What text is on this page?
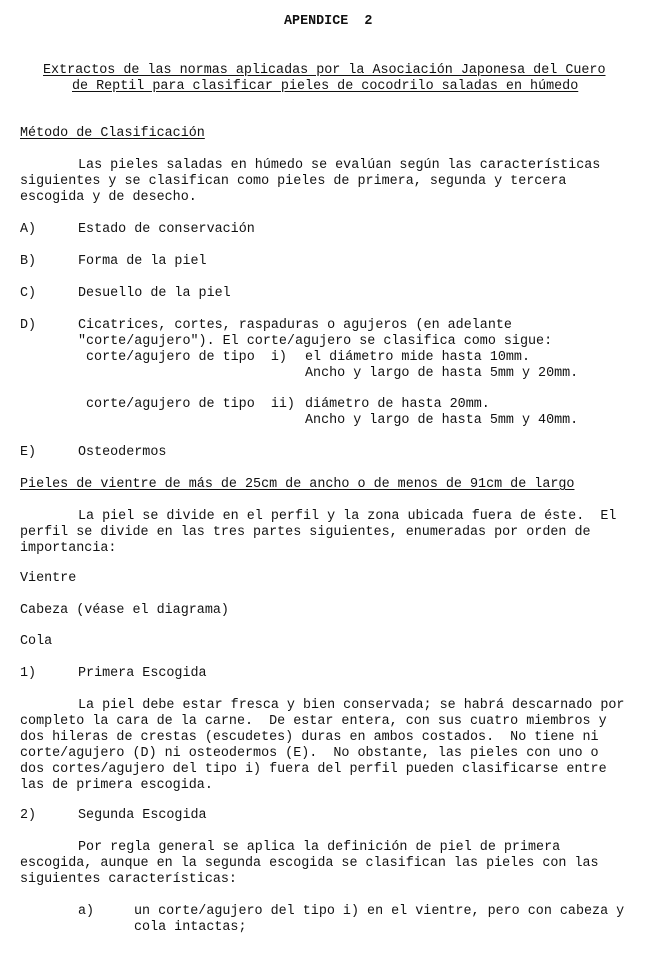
APENDICE  2
Extractos de las normas aplicadas por la Asociación Japonesa del Cuero
de Reptil para clasificar pieles de cocodrilo saladas en húmedo
Método de Clasificación
Las pieles saladas en húmedo se evalúan según las características
siguientes y se clasifican como pieles de primera, segunda y tercera
escogida y de desecho.
A)	Estado de conservación
B)	Forma de la piel
C)	Desuello de la piel
D)	Cicatrices, cortes, raspaduras o agujeros (en adelante
"corte/agujero"). El corte/agujero se clasifica como sigue:
corte/agujero de tipo  i) el diámetro mide hasta 10mm.
Ancho y largo de hasta 5mm y 20mm.
corte/agujero de tipo  ii) diámetro de hasta 20mm.
Ancho y largo de hasta 5mm y 40mm.
E)	Osteodermos
Pieles de vientre de más de 25cm de ancho o de menos de 91cm de largo
La piel se divide en el perfil y la zona ubicada fuera de éste.  El
perfil se divide en las tres partes siguientes, enumeradas por orden de
importancia:
Vientre
Cabeza (véase el diagrama)
Cola
1)	Primera Escogida
La piel debe estar fresca y bien conservada; se habrá descarnado por
completo la cara de la carne.  De estar entera, con sus cuatro miembros y
dos hileras de crestas (escudetes) duras en ambos costados.  No tiene ni
corte/agujero (D) ni osteodermos (E).  No obstante, las pieles con uno o
dos cortes/agujero del tipo i) fuera del perfil pueden clasificarse entre
las de primera escogida.
2)	Segunda Escogida
Por regla general se aplica la definición de piel de primera
escogida, aunque en la segunda escogida se clasifican las pieles con las
siguientes características:
a)	un corte/agujero del tipo i) en el vientre, pero con cabeza y
cola intactas;
